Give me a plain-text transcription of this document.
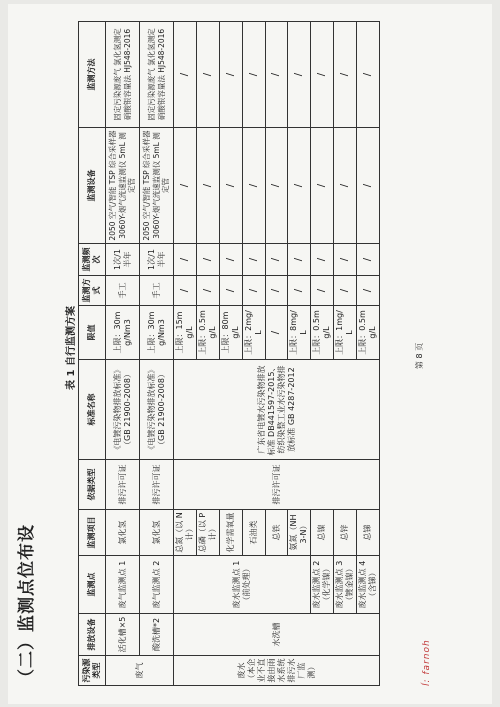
（二）监测点位布设
表 1 自行监测方案
污染源类型	排放设备	监测点	监测项目	依据类型	标准名称	限值	监测方式	监测频次	监测设备	监测方法
废气	活化槽×5	废气监测点 1	氯化氢	排污许可证	《电镀污染物排放标准》（GB 21900-2008）	上限：30mg/Nm3	手工	1次/1半年	2050 空气/智能 TSP 综合采样器 3060Y-烟气流速监测仪 5mL 测定管	固定污染源废气 氯化氢测定 硝酸银容量法 HJ548-2016
	酸洗槽*2	废气监测点 2	氯化氢	排污许可证	《电镀污染物排放标准》（GB 21900-2008）	上限：30mg/Nm3	手工	1次/1半年	2050 空气/智能 TSP 综合采样器 3060Y-烟气流速监测仪 5mL 测定管	固定污染源废气 氯化氢测定 硝酸银容量法 HJ548-2016
废水（本企业不直接由雨水系统排污水厂监测）	水洗槽	废水监测点 1（前处理）	总氮（以 N 计）	排污许可证	广东省电镀水污染物排放标准 DB441597-2015、纺织染整工业水污染物排放标准 GB 4287-2012	上限：15mg/L	/	/	/	/
			总磷（以 P 计）			上限：0.5mg/L	/	/	/	/
			化学需氧量			上限：80mg/L	/	/	/	/
			石油类			上限：2mg/L	/	/	/	/
			总铁			/	/	/	/	/
			氨氮（NH3-N）			上限：8mg/L	/	/	/	/
		废水监测点 2（化学镍）	总镍			上限：0.5mg/L	/	/	/	/
		废水监测点 3（镀金镍）	总锌			上限：1mg/L	/	/	/	/
		废水监测点 4（含锑）	总锑			上限：0.5mg/L	/	/	/	/
第 8 页
ĺ: farnoh
